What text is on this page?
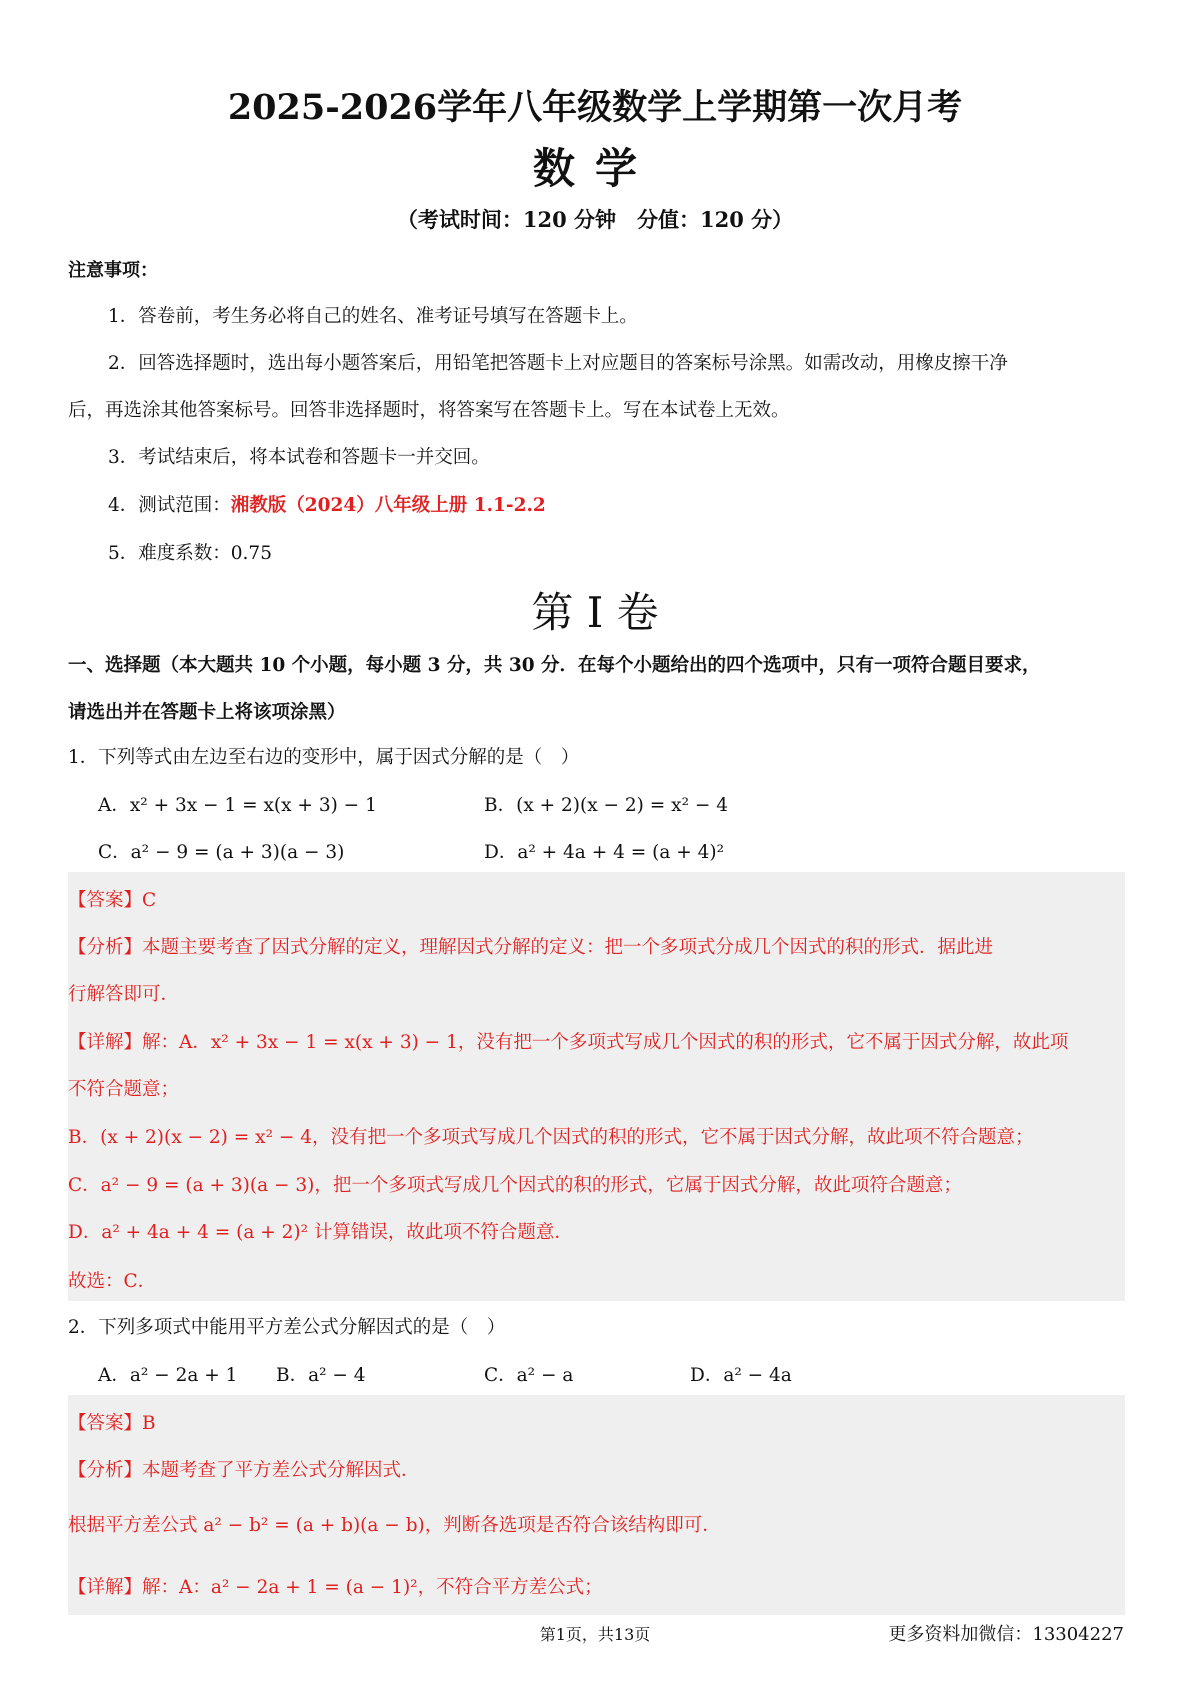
2025-2026学年八年级数学上学期第一次月考
数学
（考试时间：120 分钟　分值：120 分）
注意事项：
1．答卷前，考生务必将自己的姓名、准考证号填写在答题卡上。
2．回答选择题时，选出每小题答案后，用铅笔把答题卡上对应题目的答案标号涂黑。如需改动，用橡皮擦干净
后，再选涂其他答案标号。回答非选择题时，将答案写在答题卡上。写在本试卷上无效。
3．考试结束后，将本试卷和答题卡一并交回。
4．测试范围：湘教版（2024）八年级上册 1.1-2.2
5．难度系数：0.75
第 I 卷
一、选择题（本大题共 10 个小题，每小题 3 分，共 30 分．在每个小题给出的四个选项中，只有一项符合题目要求，
请选出并在答题卡上将该项涂黑）
1．下列等式由左边至右边的变形中，属于因式分解的是（　）
A．x² + 3x − 1 = x(x + 3) − 1	B．(x + 2)(x − 2) = x² − 4
C．a² − 9 = (a + 3)(a − 3)	D．a² + 4a + 4 = (a + 4)²
【答案】C
【分析】本题主要考查了因式分解的定义，理解因式分解的定义：把一个多项式分成几个因式的积的形式．据此进
行解答即可．
【详解】解：A．x² + 3x − 1 = x(x + 3) − 1，没有把一个多项式写成几个因式的积的形式，它不属于因式分解，故此项
不符合题意；
B．(x + 2)(x − 2) = x² − 4，没有把一个多项式写成几个因式的积的形式，它不属于因式分解，故此项不符合题意；
C．a² − 9 = (a + 3)(a − 3)，把一个多项式写成几个因式的积的形式，它属于因式分解，故此项符合题意；
D．a² + 4a + 4 = (a + 2)² 计算错误，故此项不符合题意．
故选：C．
2．下列多项式中能用平方差公式分解因式的是（　）
A．a² − 2a + 1 B．a² − 4	C．a² − a	D．a² − 4a
【答案】B
【分析】本题考查了平方差公式分解因式．
根据平方差公式 a² − b² = (a + b)(a − b)，判断各选项是否符合该结构即可．
【详解】解：A：a² − 2a + 1 = (a − 1)²，不符合平方差公式；
第1页，共13页	更多资料加微信：13304227
